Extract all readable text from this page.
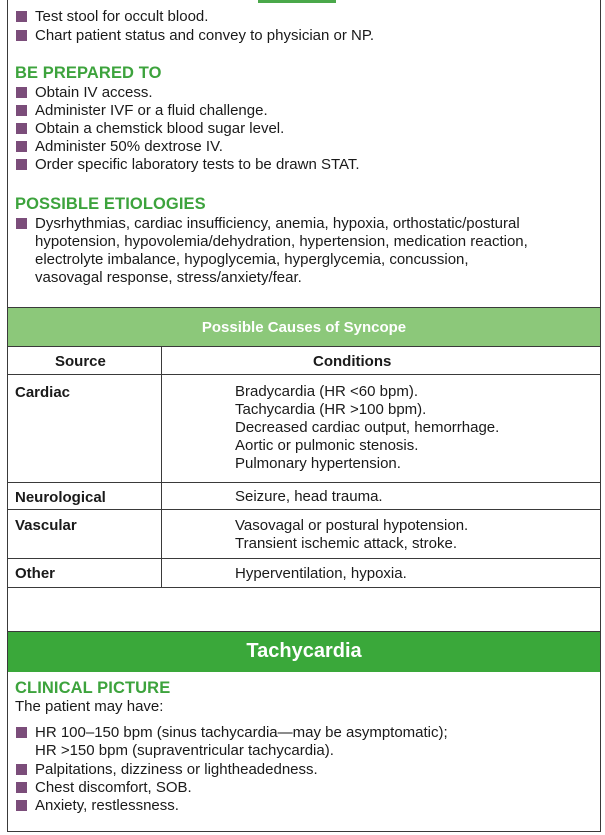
Test stool for occult blood.
Chart patient status and convey to physician or NP.
BE PREPARED TO
Obtain IV access.
Administer IVF or a fluid challenge.
Obtain a chemstick blood sugar level.
Administer 50% dextrose IV.
Order specific laboratory tests to be drawn STAT.
POSSIBLE ETIOLOGIES
Dysrhythmias, cardiac insufficiency, anemia, hypoxia, orthostatic/postural
hypotension, hypovolemia/dehydration, hypertension, medication reaction,
electrolyte imbalance, hypoglycemia, hyperglycemia, concussion,
vasovagal response, stress/anxiety/fear.
Possible Causes of Syncope
Source	Conditions
Cardiac	Bradycardia (HR <60 bpm).
Tachycardia (HR >100 bpm).
Decreased cardiac output, hemorrhage.
Aortic or pulmonic stenosis.
Pulmonary hypertension.
Neurological	Seizure, head trauma.
Vascular	Vasovagal or postural hypotension.
Transient ischemic attack, stroke.
Other	Hyperventilation, hypoxia.
Tachycardia
CLINICAL PICTURE
The patient may have:
HR 100–150 bpm (sinus tachycardia—may be asymptomatic);
HR >150 bpm (supraventricular tachycardia).
Palpitations, dizziness or lightheadedness.
Chest discomfort, SOB.
Anxiety, restlessness.
